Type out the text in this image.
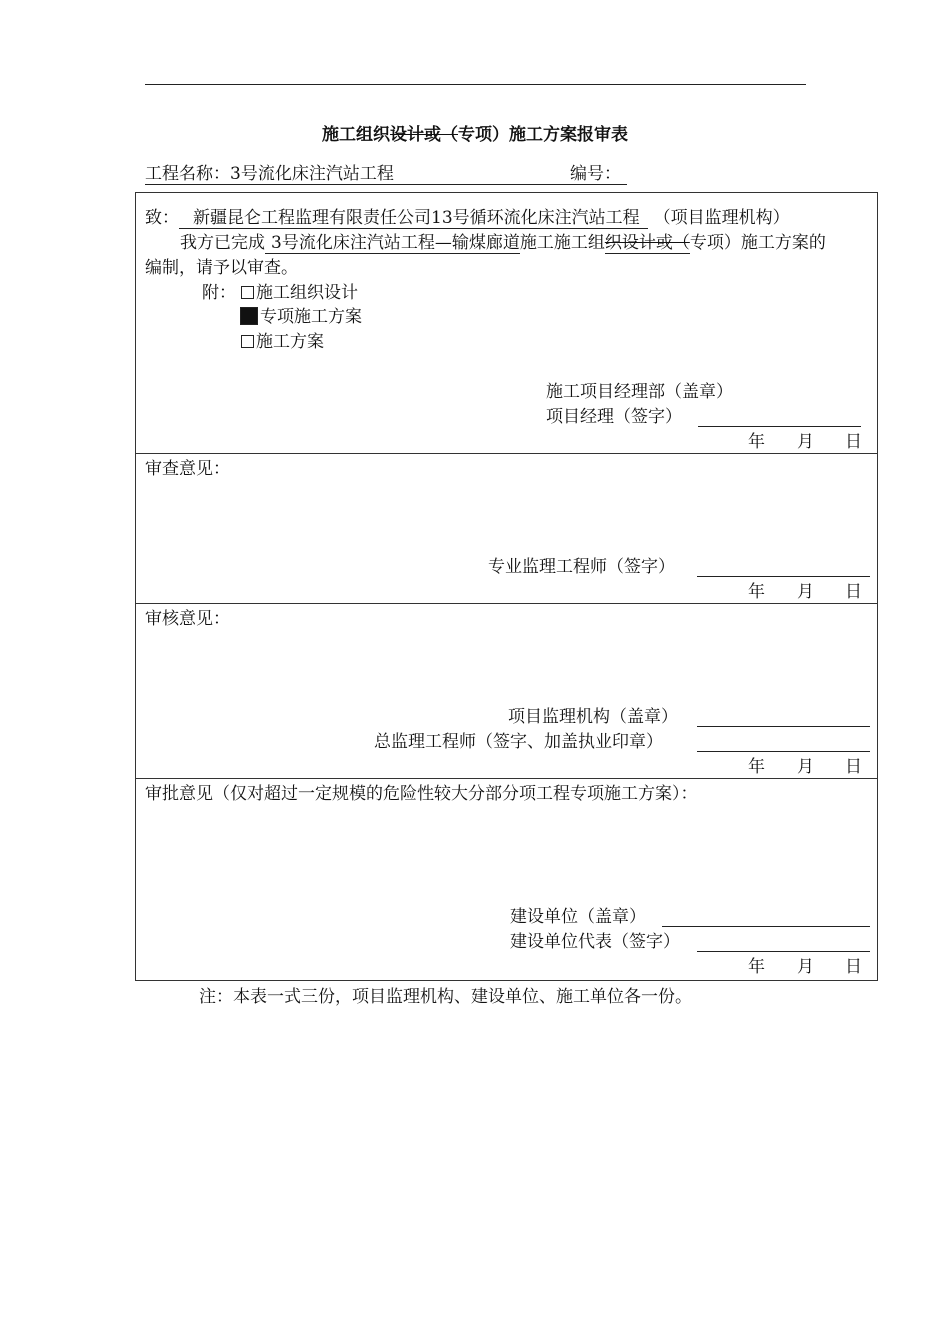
施工组织设计或（专项）施工方案报审表
工程名称：3号流化床注汽站工程	编号：
致： 新疆昆仑工程监理有限责任公司13号循环流化床注汽站工程 （项目监理机构）
我方已完成 3号流化床注汽站工程—输煤廊道施工施工组织设计或（专项）施工方案的
编制，请予以审查。
附：	施工组织设计
专项施工方案
施工方案
施工项目经理部（盖章）
项目经理（签字）
年 月 日
审查意见：
专业监理工程师（签字）
年 月 日
审核意见：
项目监理机构（盖章）
总监理工程师（签字、加盖执业印章）
年 月 日
审批意见（仅对超过一定规模的危险性较大分部分项工程专项施工方案）：
建设单位（盖章）
建设单位代表（签字）
年 月 日
注：本表一式三份，项目监理机构、建设单位、施工单位各一份。
